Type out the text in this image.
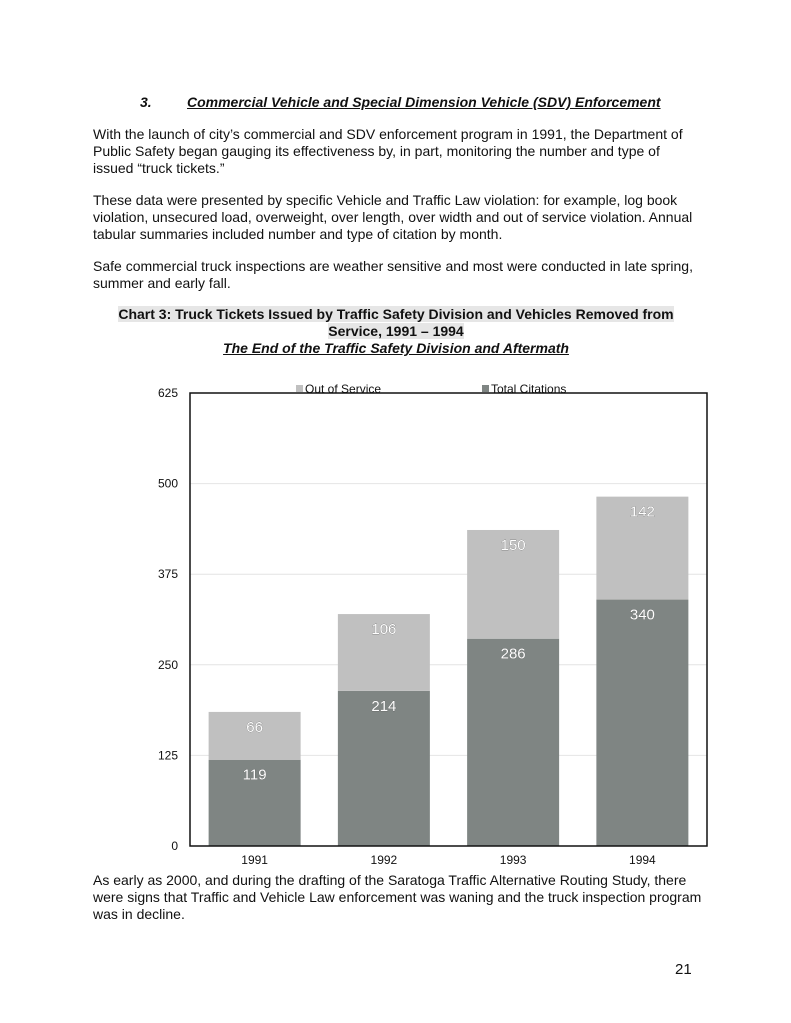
3.	Commercial Vehicle and Special Dimension Vehicle (SDV) Enforcement
With the launch of city’s commercial and SDV enforcement program in 1991, the Department of Public Safety began gauging its effectiveness by, in part, monitoring the number and type of issued “truck tickets.”
These data were presented by specific Vehicle and Traffic Law violation: for example, log book violation, unsecured load, overweight, over length, over width and out of service violation. Annual tabular summaries included number and type of citation by month.
Safe commercial truck inspections are weather sensitive and most were conducted in late spring, summer and early fall.
Chart 3: Truck Tickets Issued by Traffic Safety Division and Vehicles Removed from Service, 1991 – 1994
The End of the Traffic Safety Division and Aftermath
119
66
214
106
286
150
340
142
0
125
250
375
500
625
1991	1992	1993	1994
Out of Service	Total Citations
As early as 2000, and during the drafting of the Saratoga Traffic Alternative Routing Study, there were signs that Traffic and Vehicle Law enforcement was waning and the truck inspection program was in decline.
21
